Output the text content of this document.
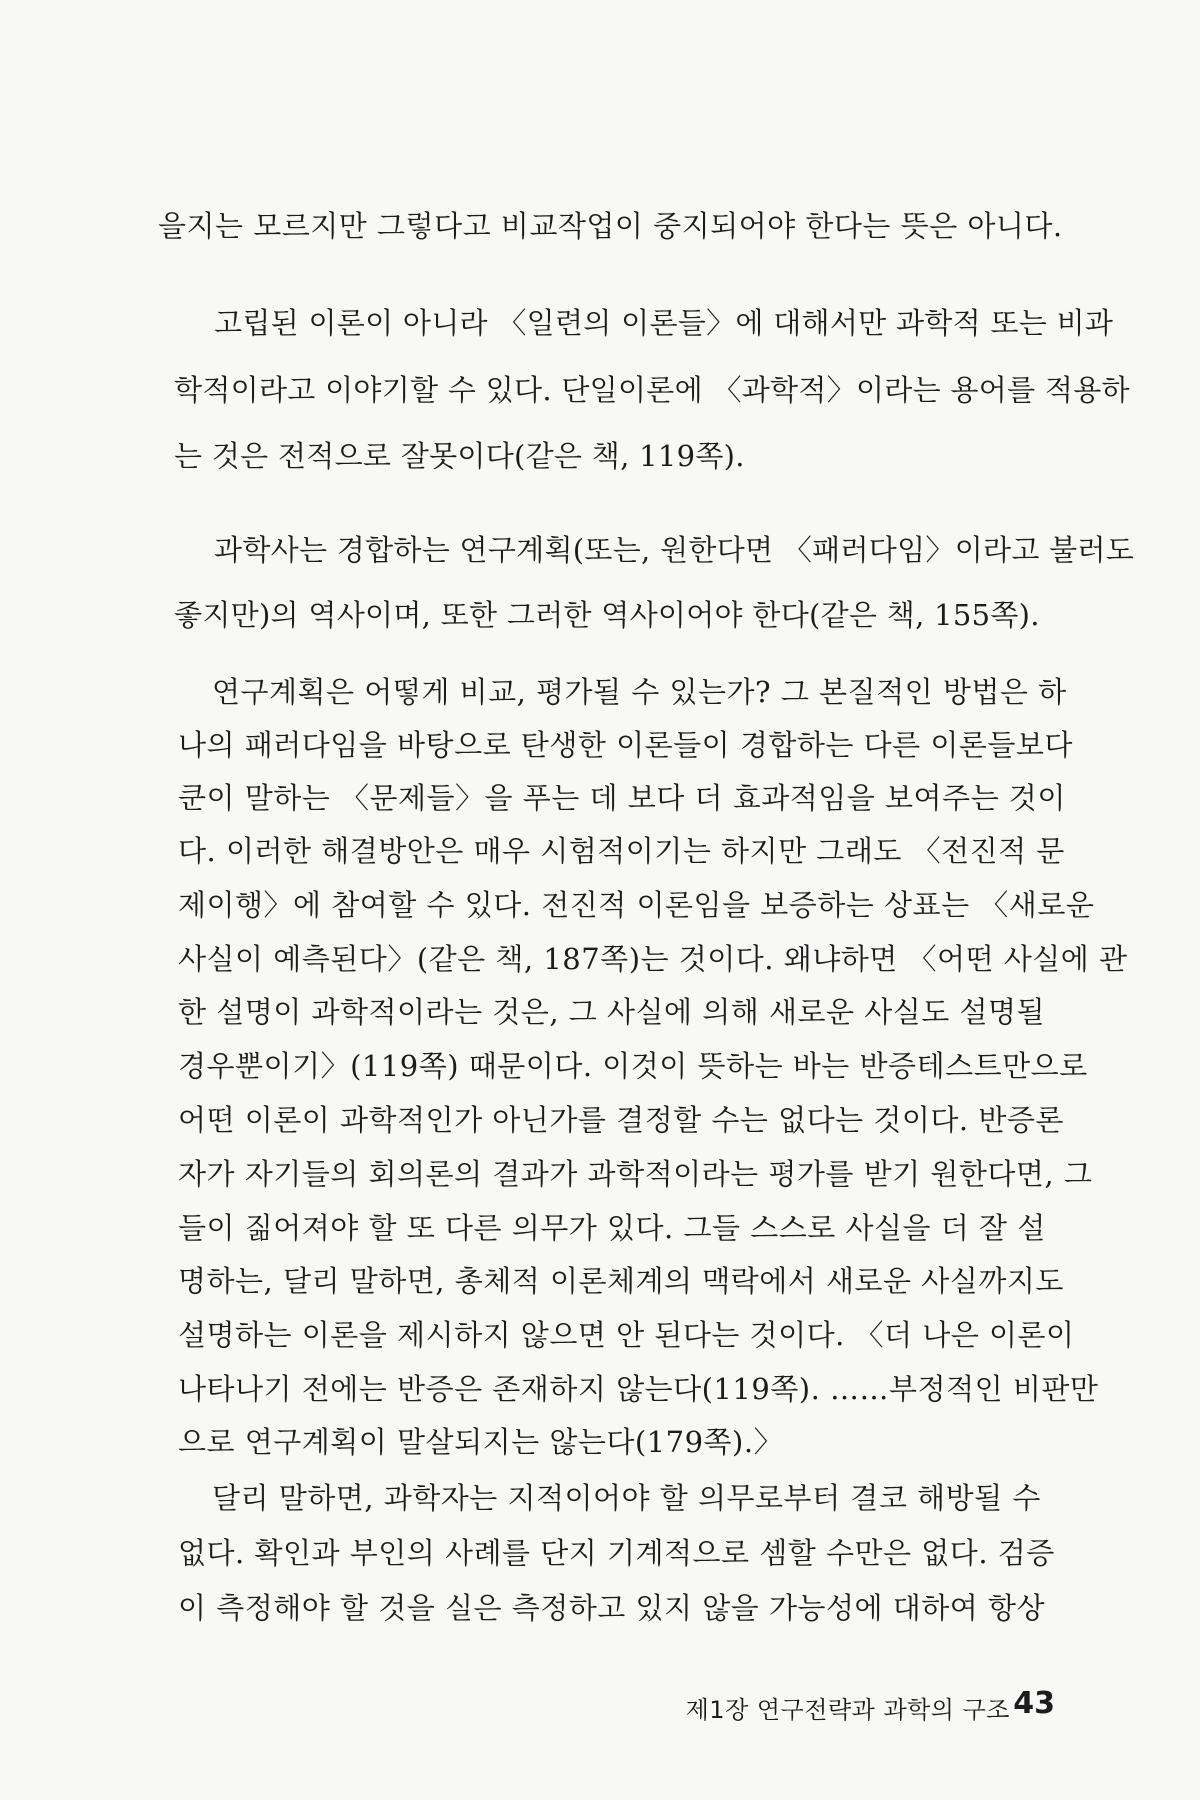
을지는 모르지만 그렇다고 비교작업이 중지되어야 한다는 뜻은 아니다.
고립된 이론이 아니라 〈일련의 이론들〉에 대해서만 과학적 또는 비과
학적이라고 이야기할 수 있다. 단일이론에 〈과학적〉이라는 용어를 적용하
는 것은 전적으로 잘못이다(같은 책, 119쪽).
과학사는 경합하는 연구계획(또는, 원한다면 〈패러다임〉이라고 불러도
좋지만)의 역사이며, 또한 그러한 역사이어야 한다(같은 책, 155쪽).
연구계획은 어떻게 비교, 평가될 수 있는가? 그 본질적인 방법은 하
나의 패러다임을 바탕으로 탄생한 이론들이 경합하는 다른 이론들보다
쿤이 말하는 〈문제들〉을 푸는 데 보다 더 효과적임을 보여주는 것이
다. 이러한 해결방안은 매우 시험적이기는 하지만 그래도 〈전진적 문
제이행〉에 참여할 수 있다. 전진적 이론임을 보증하는 상표는 〈새로운
사실이 예측된다〉(같은 책, 187쪽)는 것이다. 왜냐하면 〈어떤 사실에 관
한 설명이 과학적이라는 것은, 그 사실에 의해 새로운 사실도 설명될
경우뿐이기〉(119쪽) 때문이다. 이것이 뜻하는 바는 반증테스트만으로
어떤 이론이 과학적인가 아닌가를 결정할 수는 없다는 것이다. 반증론
자가 자기들의 회의론의 결과가 과학적이라는 평가를 받기 원한다면, 그
들이 짊어져야 할 또 다른 의무가 있다. 그들 스스로 사실을 더 잘 설
명하는, 달리 말하면, 총체적 이론체계의 맥락에서 새로운 사실까지도
설명하는 이론을 제시하지 않으면 안 된다는 것이다. 〈더 나은 이론이
나타나기 전에는 반증은 존재하지 않는다(119쪽). ……부정적인 비판만
으로 연구계획이 말살되지는 않는다(179쪽).〉
달리 말하면, 과학자는 지적이어야 할 의무로부터 결코 해방될 수
없다. 확인과 부인의 사례를 단지 기계적으로 셈할 수만은 없다. 검증
이 측정해야 할 것을 실은 측정하고 있지 않을 가능성에 대하여 항상
제1장 연구전략과 과학의 구조 43
